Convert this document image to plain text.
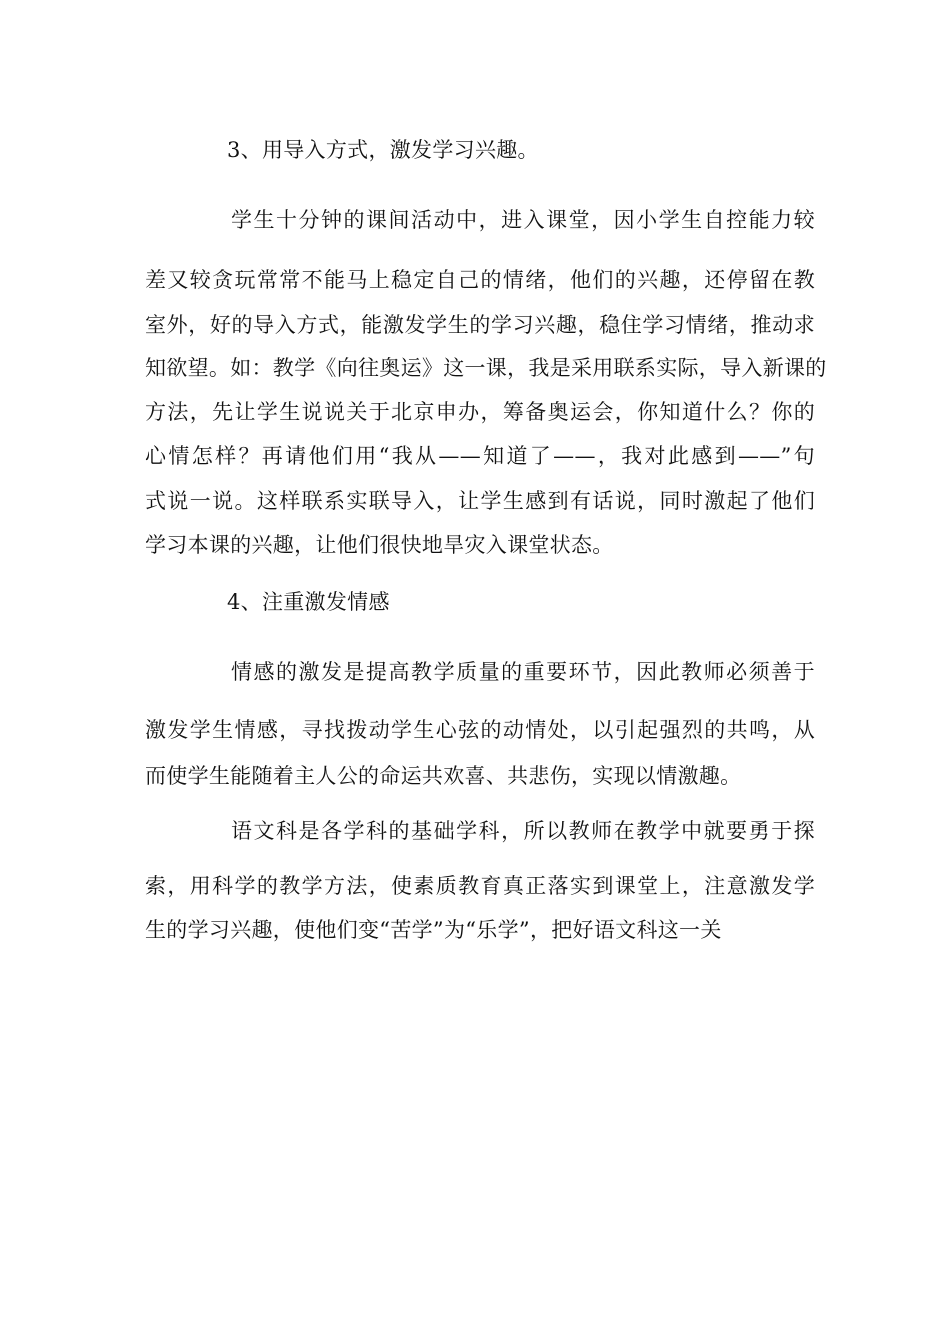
3、用导入方式，激发学习兴趣。
学生十分钟的课间活动中，进入课堂，因小学生自控能力较
差又较贪玩常常不能马上稳定自己的情绪，他们的兴趣，还停留在教
室外，好的导入方式，能激发学生的学习兴趣，稳住学习情绪，推动求
知欲望。如：教学《向往奥运》这一课，我是采用联系实际，导入新课的
方法，先让学生说说关于北京申办，筹备奥运会，你知道什么？你的
心情怎样？再请他们用“我从——知道了——，我对此感到——”句
式说一说。这样联系实联导入，让学生感到有话说，同时激起了他们
学习本课的兴趣，让他们很快地旱灾入课堂状态。
4、注重激发情感
情感的激发是提高教学质量的重要环节，因此教师必须善于
激发学生情感，寻找拨动学生心弦的动情处，以引起强烈的共鸣，从
而使学生能随着主人公的命运共欢喜、共悲伤，实现以情激趣。
语文科是各学科的基础学科，所以教师在教学中就要勇于探
索，用科学的教学方法，使素质教育真正落实到课堂上，注意激发学
生的学习兴趣，使他们变“苦学”为“乐学”，把好语文科这一关
